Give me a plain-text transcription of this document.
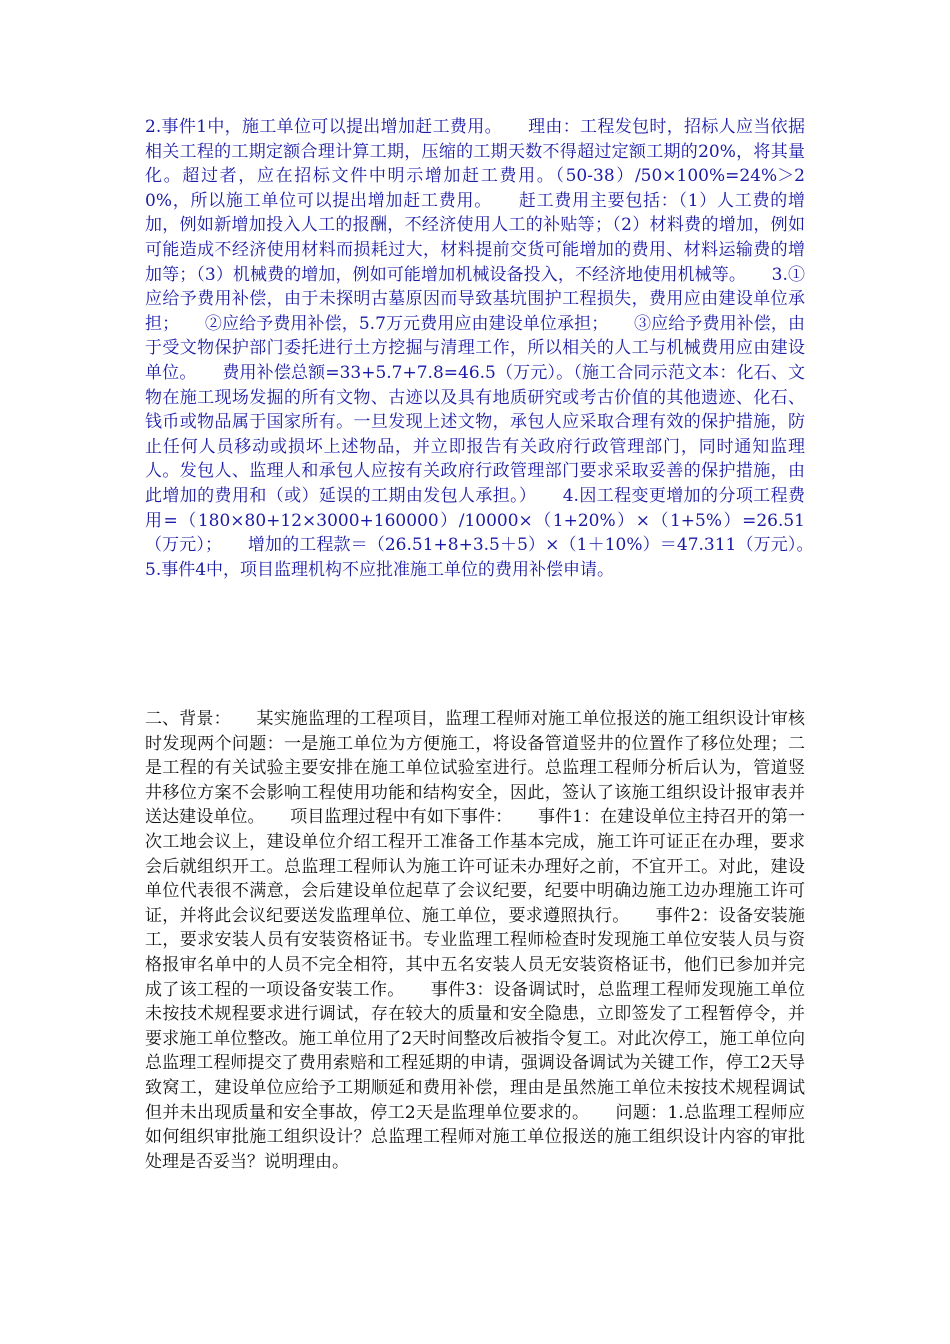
2.事件1中，施工单位可以提出增加赶工费用。　　理由：工程发包时，招标人应当依据相关工程的工期定额合理计算工期，压缩的工期天数不得超过定额工期的20%，将其量化。超过者，应在招标文件中明示增加赶工费用。（50-38）/50×100%=24%＞20%，所以施工单位可以提出增加赶工费用。　　赶工费用主要包括：（1）人工费的增加，例如新增加投入人工的报酬，不经济使用人工的补贴等；（2）材料费的增加，例如可能造成不经济使用材料而损耗过大，材料提前交货可能增加的费用、材料运输费的增加等；（3）机械费的增加，例如可能增加机械设备投入，不经济地使用机械等。　　3.①应给予费用补偿，由于未探明古墓原因而导致基坑围护工程损失，费用应由建设单位承担；　　②应给予费用补偿，5.7万元费用应由建设单位承担；　　③应给予费用补偿，由于受文物保护部门委托进行土方挖掘与清理工作，所以相关的人工与机械费用应由建设单位。　　费用补偿总额=33+5.7+7.8=46.5（万元）。（施工合同示范文本：化石、文物在施工现场发掘的所有文物、古迹以及具有地质研究或考古价值的其他遗迹、化石、钱币或物品属于国家所有。一旦发现上述文物，承包人应采取合理有效的保护措施，防止任何人员移动或损坏上述物品，并立即报告有关政府行政管理部门，同时通知监理人。发包人、监理人和承包人应按有关政府行政管理部门要求采取妥善的保护措施，由此增加的费用和（或）延误的工期由发包人承担。）　　4.因工程变更增加的分项工程费用=（180×80+12×3000+160000）/10000×（1+20%）×（1+5%）=26.51（万元）；　　增加的工程款＝（26.51+8+3.5＋5）×（1＋10%）＝47.311（万元）。　　5.事件4中，项目监理机构不应批准施工单位的费用补偿申请。

二、背景：　　某实施监理的工程项目，监理工程师对施工单位报送的施工组织设计审核时发现两个问题：一是施工单位为方便施工，将设备管道竖井的位置作了移位处理；二是工程的有关试验主要安排在施工单位试验室进行。总监理工程师分析后认为，管道竖井移位方案不会影响工程使用功能和结构安全，因此，签认了该施工组织设计报审表并送达建设单位。　　项目监理过程中有如下事件：　　事件1：在建设单位主持召开的第一次工地会议上，建设单位介绍工程开工准备工作基本完成，施工许可证正在办理，要求会后就组织开工。总监理工程师认为施工许可证未办理好之前，不宜开工。对此，建设单位代表很不满意，会后建设单位起草了会议纪要，纪要中明确边施工边办理施工许可证，并将此会议纪要送发监理单位、施工单位，要求遵照执行。　　事件2：设备安装施工，要求安装人员有安装资格证书。专业监理工程师检查时发现施工单位安装人员与资格报审名单中的人员不完全相符，其中五名安装人员无安装资格证书，他们已参加并完成了该工程的一项设备安装工作。　　事件3：设备调试时，总监理工程师发现施工单位未按技术规程要求进行调试，存在较大的质量和安全隐患，立即签发了工程暂停令，并要求施工单位整改。施工单位用了2天时间整改后被指令复工。对此次停工，施工单位向总监理工程师提交了费用索赔和工程延期的申请，强调设备调试为关键工作，停工2天导致窝工，建设单位应给予工期顺延和费用补偿，理由是虽然施工单位未按技术规程调试但并未出现质量和安全事故，停工2天是监理单位要求的。　　问题：1.总监理工程师应如何组织审批施工组织设计？总监理工程师对施工单位报送的施工组织设计内容的审批处理是否妥当？说明理由。
